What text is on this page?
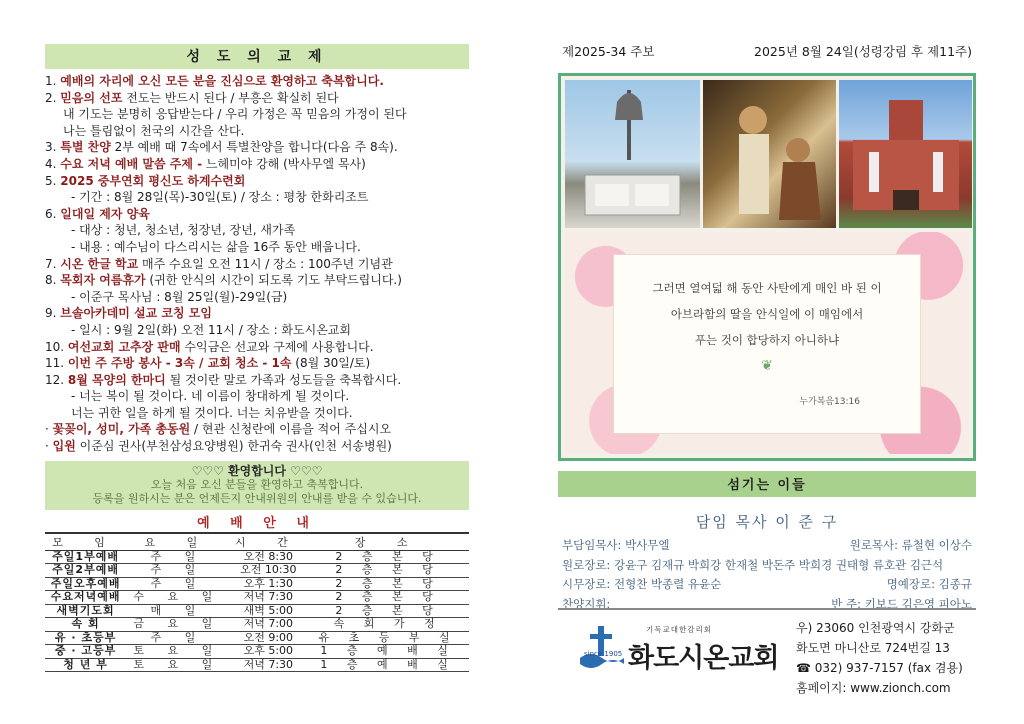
성 도 의 교 제
1. 예배의 자리에 오신 모든 분을 진심으로 환영하고 축복합니다.
2. 믿음의 선포 전도는 반드시 된다 / 부흥은 확실히 된다
내 기도는 분명히 응답받는다 / 우리 가정은 꼭 믿음의 가정이 된다
나는 틀림없이 천국의 시간을 산다.
3. 특별 찬양 2부 예배 때 7속에서 특별찬양을 합니다(다음 주 8속).
4. 수요 저녁 예배 말씀 주제 - 느헤미야 강해 (박사무엘 목사)
5. 2025 중부연회 평신도 하계수련회
- 기간 : 8월 28일(목)-30일(토) / 장소 : 평창 한화리조트
6. 일대일 제자 양육
- 대상 : 청년, 청소년, 청장년, 장년, 새가족
- 내용 : 예수님이 다스리시는 삶을 16주 동안 배웁니다.
7. 시온 한글 학교 매주 수요일 오전 11시 / 장소 : 100주년 기념관
8. 목회자 여름휴가 (귀한 안식의 시간이 되도록 기도 부탁드립니다.)
- 이준구 목사님 : 8월 25일(월)-29일(금)
9. 브솔아카데미 설교 코칭 모임
- 일시 : 9월 2일(화) 오전 11시 / 장소 : 화도시온교회
10. 여선교회 고추장 판매 수익금은 선교와 구제에 사용합니다.
11. 이번 주 주방 봉사 - 3속 / 교회 청소 - 1속 (8월 30일/토)
12. 8월 목양의 한마디 될 것이란 말로 가족과 성도들을 축복합시다.
- 너는 복이 될 것이다. 네 이름이 창대하게 될 것이다.
너는 귀한 일을 하게 될 것이다. 너는 치유받을 것이다.
· 꽃꽂이, 성미, 가족 총동원 / 현관 신청란에 이름을 적어 주십시오
· 입원 이준심 권사(부천삼성요양병원) 한귀숙 권사(인천 서송병원)
♡♡♡ 환영합니다 ♡♡♡
오늘 처음 오신 분들을 환영하고 축복합니다.
등록을 원하시는 분은 언제든지 안내위원의 안내를 받을 수 있습니다.
예 배 안 내
모 임	요 일	시 간	장 소
주일1부예배	주 일	오전 8:30	2 층 본 당
주일2부예배	주 일	오전 10:30	2 층 본 당
주일오후예배	주 일	오후 1:30	2 층 본 당
수요저녁예배	수 요 일	저녁 7:30	2 층 본 당
새벽기도회	매 일	새벽 5:00	2 층 본 당
속 회	금 요 일	저녁 7:00	속 회 가 정
유 · 초등부	주 일	오전 9:00	유 초 등 부 실
중 · 고등부	토 요 일	오후 5:00	1 층 예 배 실
청 년 부	토 요 일	저녁 7:30	1 층 예 배 실
제2025-34 주보	2025년 8월 24일(성령강림 후 제11주)
그러면 열여덟 해 동안 사탄에게 매인 바 된 이
아브라함의 딸을 안식일에 이 매임에서
푸는 것이 합당하지 아니하냐
❦
누가복음13:16
섬기는 이들
담임 목사 이 준 구
부담임목사: 박사무엘	원로목사: 류철현 이상수
원로장로: 강윤구 김재규 박희강 한재철 박돈주 박희경 권태형 류호관 김근석
시무장로: 전형찬 박종렬 유윤순	명예장로: 김종규
찬양지휘:	반 주: 키보드 김은영 피아노
since 1905
기독교대한감리회
화도시온교회
우) 23060 인천광역시 강화군
화도면 마니산로 724번길 13
☎ 032) 937-7157 (fax 겸용)
홈페이지: www.zionch.com
